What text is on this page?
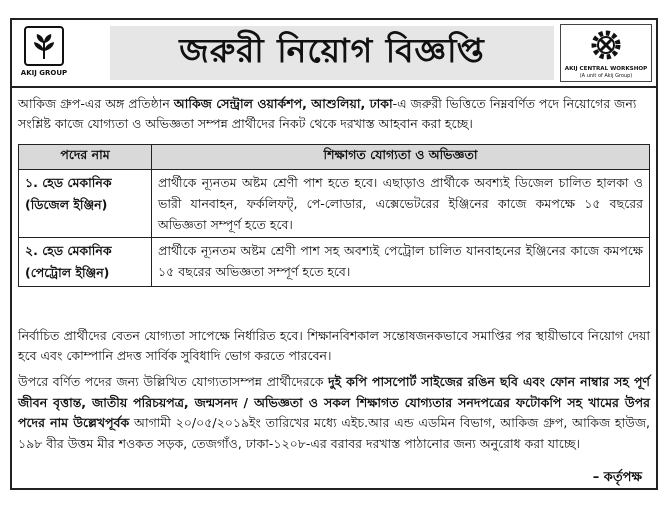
AKIJ GROUP
জরুরী নিয়োগ বিজ্ঞপ্তি	AKIJ CENTRAL WORKSHOP
(A unit of Akij Group)
আকিজ গ্রুপ-এর অঙ্গ প্রতিষ্ঠান আকিজ সেন্ট্রাল ওয়ার্কশপ, আশুলিয়া, ঢাকা-এ জরুরী ভিত্তিতে নিম্নবর্ণিত পদে নিয়োগের জন্য সংশ্লিষ্ট কাজে যোগ্যতা ও অভিজ্ঞতা সম্পন্ন প্রার্থীদের নিকট থেকে দরখাস্ত আহবান করা হচ্ছে।
পদের নাম	শিক্ষাগত যোগ্যতা ও অভিজ্ঞতা

১. হেড মেকানিক
(ডিজেল ইঞ্জিন)	প্রার্থীকে ন্যূনতম অষ্টম শ্রেণী পাশ হতে হবে। এছাড়াও প্রার্থীকে অবশ্যই ডিজেল চালিত হালকা ও ভারী যানবাহন, ফর্কলিফট্, পে-লোডার, এক্সেভেটরের ইঞ্জিনের কাজে কমপক্ষে ১৫ বছরের অভিজ্ঞতা সম্পূর্ণ হতে হবে।

২. হেড মেকানিক
(পেট্রোল ইঞ্জিন)	প্রার্থীকে ন্যূনতম অষ্টম শ্রেণী পাশ সহ অবশ্যই পেট্রোল চালিত যানবাহনের ইঞ্জিনের কাজে কমপক্ষে ১৫ বছরের অভিজ্ঞতা সম্পূর্ণ হতে হবে।
নির্বাচিত প্রার্থীদের বেতন যোগ্যতা সাপেক্ষে নির্ধারিত হবে। শিক্ষানবিশকাল সন্তোষজনকভাবে সমাপ্তির পর স্থায়ীভাবে নিয়োগ দেয়া হবে এবং কোম্পানি প্রদত্ত সার্বিক সুবিধাদি ভোগ করতে পারবেন।
উপরে বর্ণিত পদের জন্য উল্লিখিত যোগ্যতাসম্পন্ন প্রার্থীদেরকে দুই কপি পাসপোর্ট সাইজের রঙিন ছবি এবং ফোন নাম্বার সহ পূর্ণ জীবন বৃত্তান্ত, জাতীয় পরিচয়পত্র, জন্মসনদ / অভিজ্ঞতা ও সকল শিক্ষাগত যোগ্যতার সনদপত্রের ফটোকপি সহ খামের উপর পদের নাম উল্লেখপূর্বক আগামী ২০/০৫/২০১৯ইং তারিখের মধ্যে এইচ.আর এন্ড এডমিন বিভাগ, আকিজ গ্রুপ, আকিজ হাউজ, ১৯৮ বীর উত্তম মীর শওকত সড়ক, তেজগাঁও, ঢাকা-১২০৮-এর বরাবর দরখাস্ত পাঠানোর জন্য অনুরোধ করা যাচ্ছে।
– কর্তৃপক্ষ
